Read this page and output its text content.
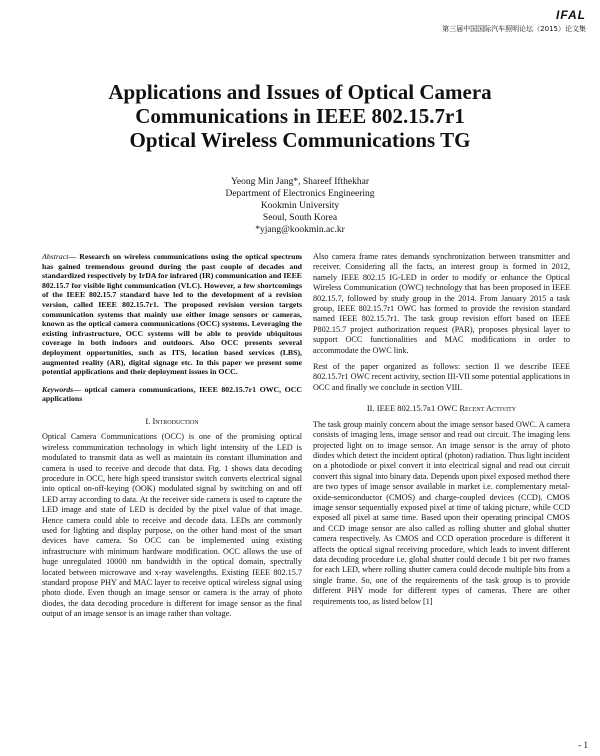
IFAL
第三届中国国际汽车照明论坛（2015）论文集
Applications and Issues of Optical Camera
Communications in IEEE 802.15.7r1
Optical Wireless Communications TG
Yeong Min Jang*, Shareef Ifthekhar
Department of Electronics Engineering
Kookmin University
Seoul, South Korea
*yjang@kookmin.ac.kr

Abstract— Research on wireless communications using the optical spectrum has gained tremendous ground during the past couple of decades and standardized respectively by IrDA for infrared (IR) communication and IEEE 802.15.7 for visible light communication (VLC). However, a few shortcomings of the IEEE 802.15.7 standard have led to the development of a revision version, called IEEE 802.15.7r1. The proposed revision version targets communication systems that mainly use either image sensors or cameras, known as the optical camera communications (OCC) systems. Leveraging the existing infrastructure, OCC systems will be able to provide ubiquitous coverage in both indoors and outdoors. Also OCC presents several deployment opportunities, such as ITS, location based services (LBS), augmented reality (AR), digital signage etc. In this paper we present some potential applications and their deployment issues in OCC.

Keywords— optical camera communications, IEEE 802.15.7r1 OWC, OCC applications

I. Introduction

Optical Camera Communications (OCC) is one of the promising optical wireless communication technology in which light intensity of the LED is modulated to transmit data as well as maintain its constant illumination and camera is used to receive and decode that data. Fig. 1 shows data decoding procedure in OCC, here high speed transistor switch converts electrical signal into optical on-off-keying (OOK) modulated signal by switching on and off LED array according to data. At the receiver side camera is used to capture the LED image and state of LED is decided by the pixel value of that image. Hence camera could able to receive and decode data. LEDs are commonly used for lighting and display purpose, on the other hand most of the smart devices have camera. So OCC can be implemented using existing infrastructure with minimum hardware modification. OCC allows the use of huge unregulated 10000 nm bandwidth in the optical domain, spectrally located between microwave and x-ray wavelengths. Existing IEEE 802.15.7 standard propose PHY and MAC layer to receive optical wireless signal using photo diode. Even though an image sensor or camera is the array of photo diodes, the data decoding procedure is different for image sensor as the final output of an image sensor is an image rather than voltage.

Also camera frame rates demands synchronization between transmitter and receiver. Considering all the facts, an interest group is formed in 2012, namely IEEE 802.15 IG-LED in order to modify or enhance the Optical Wireless Communication (OWC) technology that has been proposed in IEEE 802.15.7, followed by study group in the 2014. From January 2015 a task group, IEEE 802.15.7r1 OWC has formed to provide the revision standard named IEEE 802.15.7r1. The task group revision effort based on IEEE P802.15.7 project authorization request (PAR), proposes physical layer to support OCC functionalities and MAC modifications in order to accommodate the OWC link.

Rest of the paper organized as follows: section II we describe IEEE 802.15.7r1 OWC recent activity, section III-VII some potential applications in OCC and finally we conclude in section VIII.

II. IEEE 802.15.7r1 OWC Recent Activity

The task group mainly concern about the image sensor based OWC. A camera consists of imaging lens, image sensor and read out circuit. The imaging lens projected light on to image sensor. An image sensor is the array of photo diodes which detect the incident optical (photon) radiation. Thus light incident on a photodiode or pixel convert it into electrical signal and read out circuit convert this signal into binary data. Depends upon pixel exposed method there are two types of image sensor available in market i.e. complementary metal-oxide-semiconductor (CMOS) and charge-coupled devices (CCD). CMOS image sensor sequentially exposed pixel at time of taking picture, while CCD exposed all pixel at same time. Based upon their operating principal CMOS and CCD image sensor are also called as rolling shutter and global shutter camera respectively. As CMOS and CCD operation procedure is different it affects the optical signal receiving procedure, which leads to invent different data decoding procedure i.e. global shutter could decode 1 bit per two frames for each LED, where rolling shutter camera could decode multiple bits from a single frame. So, one of the requirements of the task group is to provide different PHY mode for different types of cameras. There are other requirements too, as listed below [1]

- 1
